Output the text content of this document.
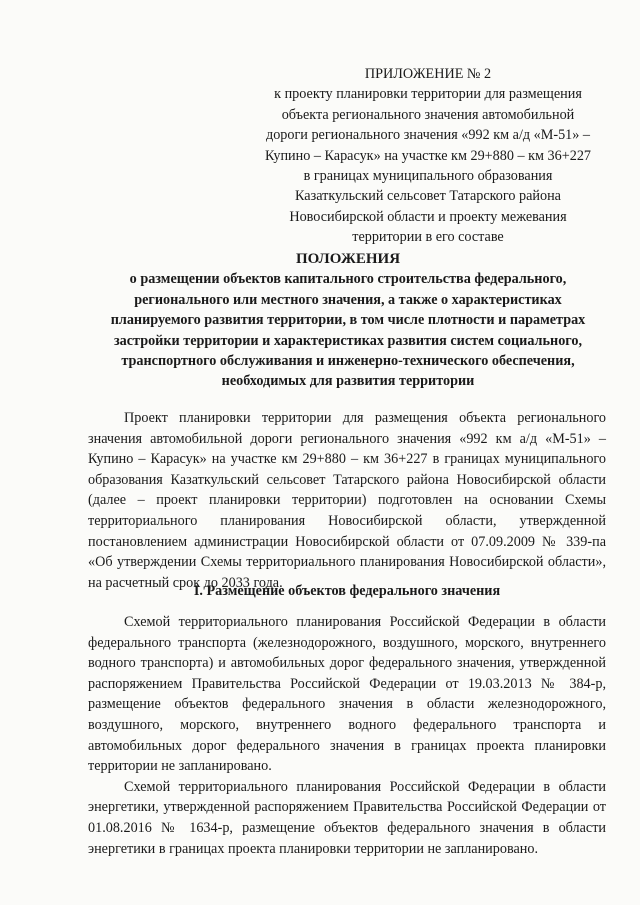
ПРИЛОЖЕНИЕ № 2
к проекту планировки территории для размещения объекта регионального значения автомобильной дороги регионального значения «992 км а/д «М-51» – Купино – Карасук» на участке км 29+880 – км 36+227 в границах муниципального образования Казаткульский сельсовет Татарского района Новосибирской области и проекту межевания территории в его составе
ПОЛОЖЕНИЯ
о размещении объектов капитального строительства федерального, регионального или местного значения, а также о характеристиках планируемого развития территории, в том числе плотности и параметрах застройки территории и характеристиках развития систем социального, транспортного обслуживания и инженерно-технического обеспечения, необходимых для развития территории

Проект планировки территории для размещения объекта регионального значения автомобильной дороги регионального значения «992 км а/д «М-51» – Купино – Карасук» на участке км 29+880 – км 36+227 в границах муниципального образования Казаткульский сельсовет Татарского района Новосибирской области (далее – проект планировки территории) подготовлен на основании Схемы территориального планирования Новосибирской области, утвержденной постановлением администрации Новосибирской области от 07.09.2009 № 339-па «Об утверждении Схемы территориального планирования Новосибирской области», на расчетный срок до 2033 года.

I. Размещение объектов федерального значения

Схемой территориального планирования Российской Федерации в области федерального транспорта (железнодорожного, воздушного, морского, внутреннего водного транспорта) и автомобильных дорог федерального значения, утвержденной распоряжением Правительства Российской Федерации от 19.03.2013 № 384-р, размещение объектов федерального значения в области железнодорожного, воздушного, морского, внутреннего водного федерального транспорта и автомобильных дорог федерального значения в границах проекта планировки территории не запланировано.

Схемой территориального планирования Российской Федерации в области энергетики, утвержденной распоряжением Правительства Российской Федерации от 01.08.2016 № 1634-р, размещение объектов федерального значения в области энергетики в границах проекта планировки территории не запланировано.
